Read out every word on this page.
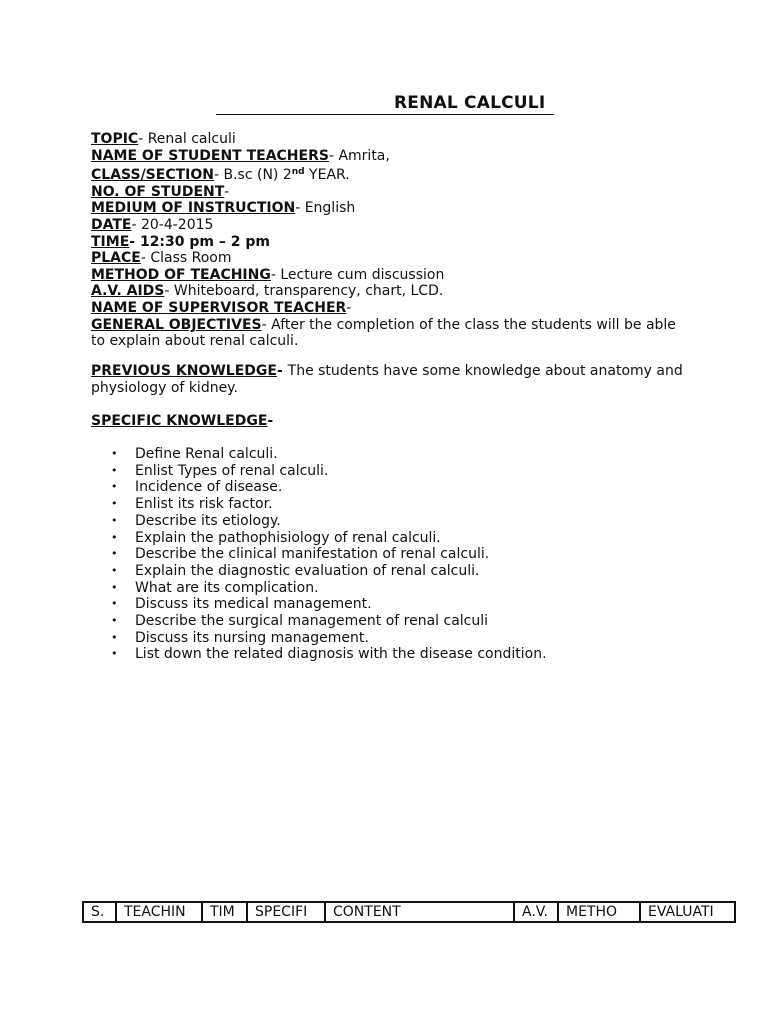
RENAL CALCULI

TOPIC- Renal calculi
NAME OF STUDENT TEACHERS- Amrita,
CLASS/SECTION- B.sc (N) 2nd YEAR.
NO. OF STUDENT-
MEDIUM OF INSTRUCTION- English
DATE- 20-4-2015
TIME- 12:30 pm – 2 pm
PLACE- Class Room
METHOD OF TEACHING- Lecture cum discussion
A.V. AIDS- Whiteboard, transparency, chart, LCD.
NAME OF SUPERVISOR TEACHER-
GENERAL OBJECTIVES- After the completion of the class the students will be able to explain about renal calculi.
PREVIOUS KNOWLEDGE- The students have some knowledge about anatomy and physiology of kidney.
SPECIFIC KNOWLEDGE-
• Define Renal calculi.
• Enlist Types of renal calculi.
• Incidence of disease.
• Enlist its risk factor.
• Describe its etiology.
• Explain the pathophisiology of renal calculi.
• Describe the clinical manifestation of renal calculi.
• Explain the diagnostic evaluation of renal calculi.
• What are its complication.
• Discuss its medical management.
• Describe the surgical management of renal calculi
• Discuss its nursing management.
• List down the related diagnosis with the disease condition.
S.	TEACHIN	TIM	SPECIFI	CONTENT	A.V.	METHO	EVALUATI
